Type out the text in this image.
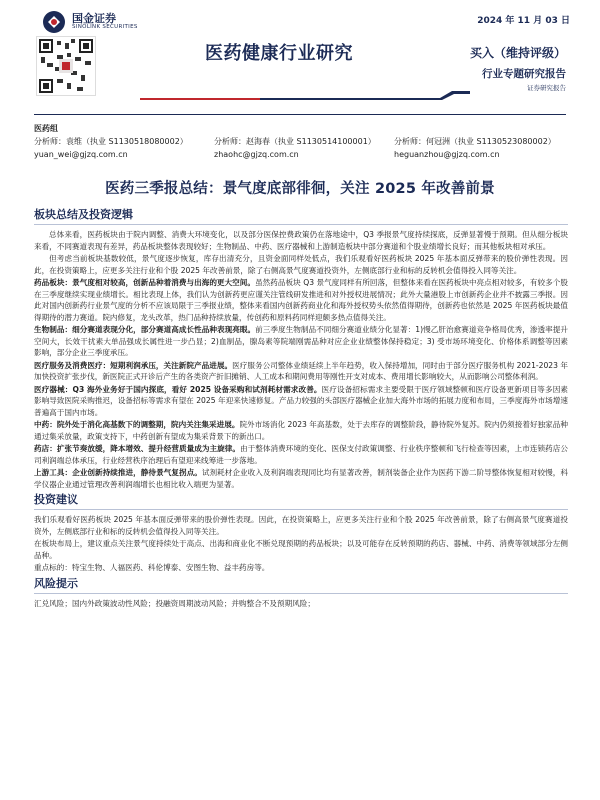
国金证券
SINOLINK SECURITIES
2024 年 11 月 03 日
医药健康行业研究	买入（维持评级）
行业专题研究报告
证券研究报告
医药组
分析师：袁维（执业 S1130518080002）	分析师：赵海春（执业 S1130514100001）	分析师：何冠洲（执业 S1130523080002）
yuan_wei@gjzq.com.cn	zhaohc@gjzq.com.cn	heguanzhou@gjzq.com.cn
医药三季报总结：景气度底部徘徊，关注 2025 年改善前景
板块总结及投资逻辑

总体来看，医药板块由于院内调整、消费大环境变化，以及部分医保控费政策仍在落地途中，Q3 季报景气度持续探底，反弹显著慢于预期。但从细分板块来看，不同赛道表现有差异，药品板块整体表现较好；生物制品、中药、医疗器械和上游制造板块中部分赛道和个股业绩增长良好；而其他板块相对承压。

但考虑当前板块基数较低，景气度逐步恢复，库存出清充分，且资金面同样处低点，我们乐观看好医药板块 2025 年基本面反弹带来的股价弹性表现。因此，在投资策略上，应更多关注行业和个股 2025 年改善前景，除了右侧高景气度赛道投资外，左侧底部行业和标的反转机会值得投入同等关注。

药品板块：景气度相对较高，创新品种着消费与出海的更大空间。虽然药品板块 Q3 景气度同样有所回落，但整体来看在医药板块中亮点相对较多，有较多个股在三季度继续实现业绩增长。相比表现上体，我们认为创新药更应谨关注管线研发推进和对外授权进展情况；此外大量港股上市创新药企业并不披露三季报。因此对国内创新药行业景气度的分析不应该局限于三季报业绩，整体来看国内创新药商业化和海外授权势头依然值得期待，创新药也依然是 2025 年医药板块最值得期待的潜力赛道。院内修复，龙头改革，热门品种持续放量，传创药和原料药同样迎颇多热点值得关注。

生物制品：细分赛道表现分化，部分赛道高成长性品种表现亮眼。前三季度生物制品不同细分赛道业绩分化显著：1)慢乙肝治愈赛道竞争格局优秀，渗透率提升空间大，长效干扰素大单品强成长属性进一步凸显；2)血制品，腺岛素等院端刚需品种对应企业业绩整体保持稳定；3) 受市场环境变化、价格体系调整等因素影响，部分企业三季度承压。

医疗服务及消费医疗：短期利润承压，关注新院产品进展。医疗服务公司整体业绩延续上半年趋势，收入保持增加，同时由于部分医疗服务机构 2021-2023 年加快投资扩张步伐，新医院正式开诊后产生的各类资产折旧摊销、人工成本和期间费用等刚性开支对成本、费用增长影响较大，从而影响公司整体利润。

医疗器械：Q3 海外业务好于国内探底，看好 2025 设备采购和试剂耗材需求改善。医疗设备招标需求主要受限于医疗领域整顿和医疗设备更新项目等多因素影响导致医院采购推迟，设备招标等需求有望在 2025 年迎来快速修复。产品力较强的头部医疗器械企业加大海外市场的拓展力度和布局，三季度海外市场增速普遍高于国内市场。

中药：院外处于消化高基数下的调整期，院内关注集采进展。院外市场消化 2023 年高基数，处于去库存的调整阶段，静待院外复苏。院内仍须接着好独家品种通过集采放量，政策支持下，中药创新有望成为集采背景下的新出口。

药店：扩张节奏放缓，降本增效、提升经营质量成为主旋律。由于整体消费环境的变化、医保支付政策调整、行业秩序整顿和飞行检查等因素，上市连锁药店公司利润端总体承压，行业经营秩序治理后有望迎来线筹进一步落地。

上游工具：企业创新持续推进，静待景气复拐点。试剂耗材企业收入及利润端表现同比均有显著改善，制剂装备企业作为医药下游二阶导整体恢复相对较慢，科学仪器企业通过管理改善利润端增长也相比收入端更为显著。

投资建议

我们乐观看好医药板块 2025 年基本面反弹带来的股价弹性表现。因此，在投资策略上，应更多关注行业和个股 2025 年改善前景，除了右侧高景气度赛道投资外，左侧底部行业和标的反转机会值得投入同等关注。

在板块布局上，建议重点关注景气度持续处于高点、出海和商业化不断兑现预期的药品板块；以及可能存在反转预期的药店、器械、中药、消费等领域部分左侧品种。

重点标的：特宝生物、人福医药、科伦博泰、安图生物、益丰药房等。

风险提示

汇兑风险；国内外政策波动性风险；投融资周期波动风险；并购整合不及预期风险；
